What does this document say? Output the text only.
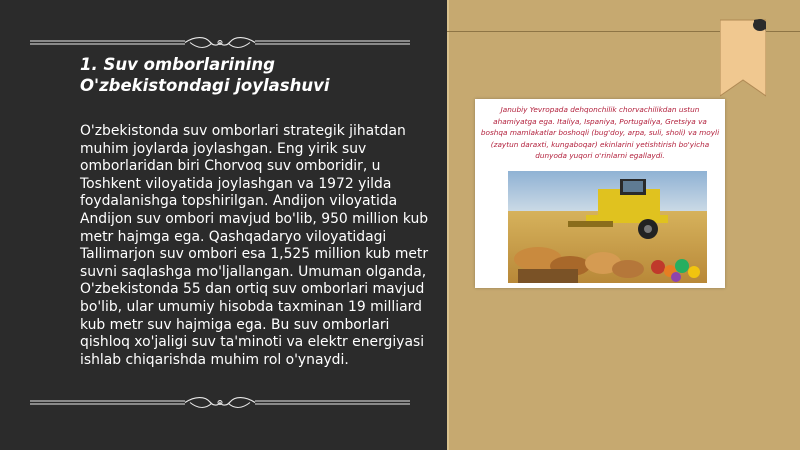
1. Suv omborlarining O'zbekistondagi joylashuvi
O'zbekistonda suv omborlari strategik jihatdan muhim joylarda joylashgan. Eng yirik suv omborlaridan biri Chorvoq suv omboridir, u Toshkent viloyatida joylashgan va 1972 yilda foydalanishga topshirilgan. Andijon viloyatida Andijon suv ombori mavjud bo'lib, 950 million kub metr hajmga ega. Qashqadaryo viloyatidagi Tallimarjon suv ombori esa 1,525 million kub metr suvni saqlashga mo'ljallangan. Umuman olganda, O'zbekistonda 55 dan ortiq suv omborlari mavjud bo'lib, ular umumiy hisobda taxminan 19 milliard kub metr suv hajmiga ega. Bu suv omborlari qishloq xo'jaligi suv ta'minoti va elektr energiyasi ishlab chiqarishda muhim rol o'ynaydi.
Janubiy Yevropada dehqonchilik chorvachilikdan ustun ahamiyatga ega. Italiya, Ispaniya, Portugaliya, Gretsiya va boshqa mamlakatlar boshoqli (bug'doy, arpa, suli, sholi) va moyli (zaytun daraxti, kungaboqar) ekinlarini yetishtirish bo'yicha dunyoda yuqori o'rinlarni egallaydi.
